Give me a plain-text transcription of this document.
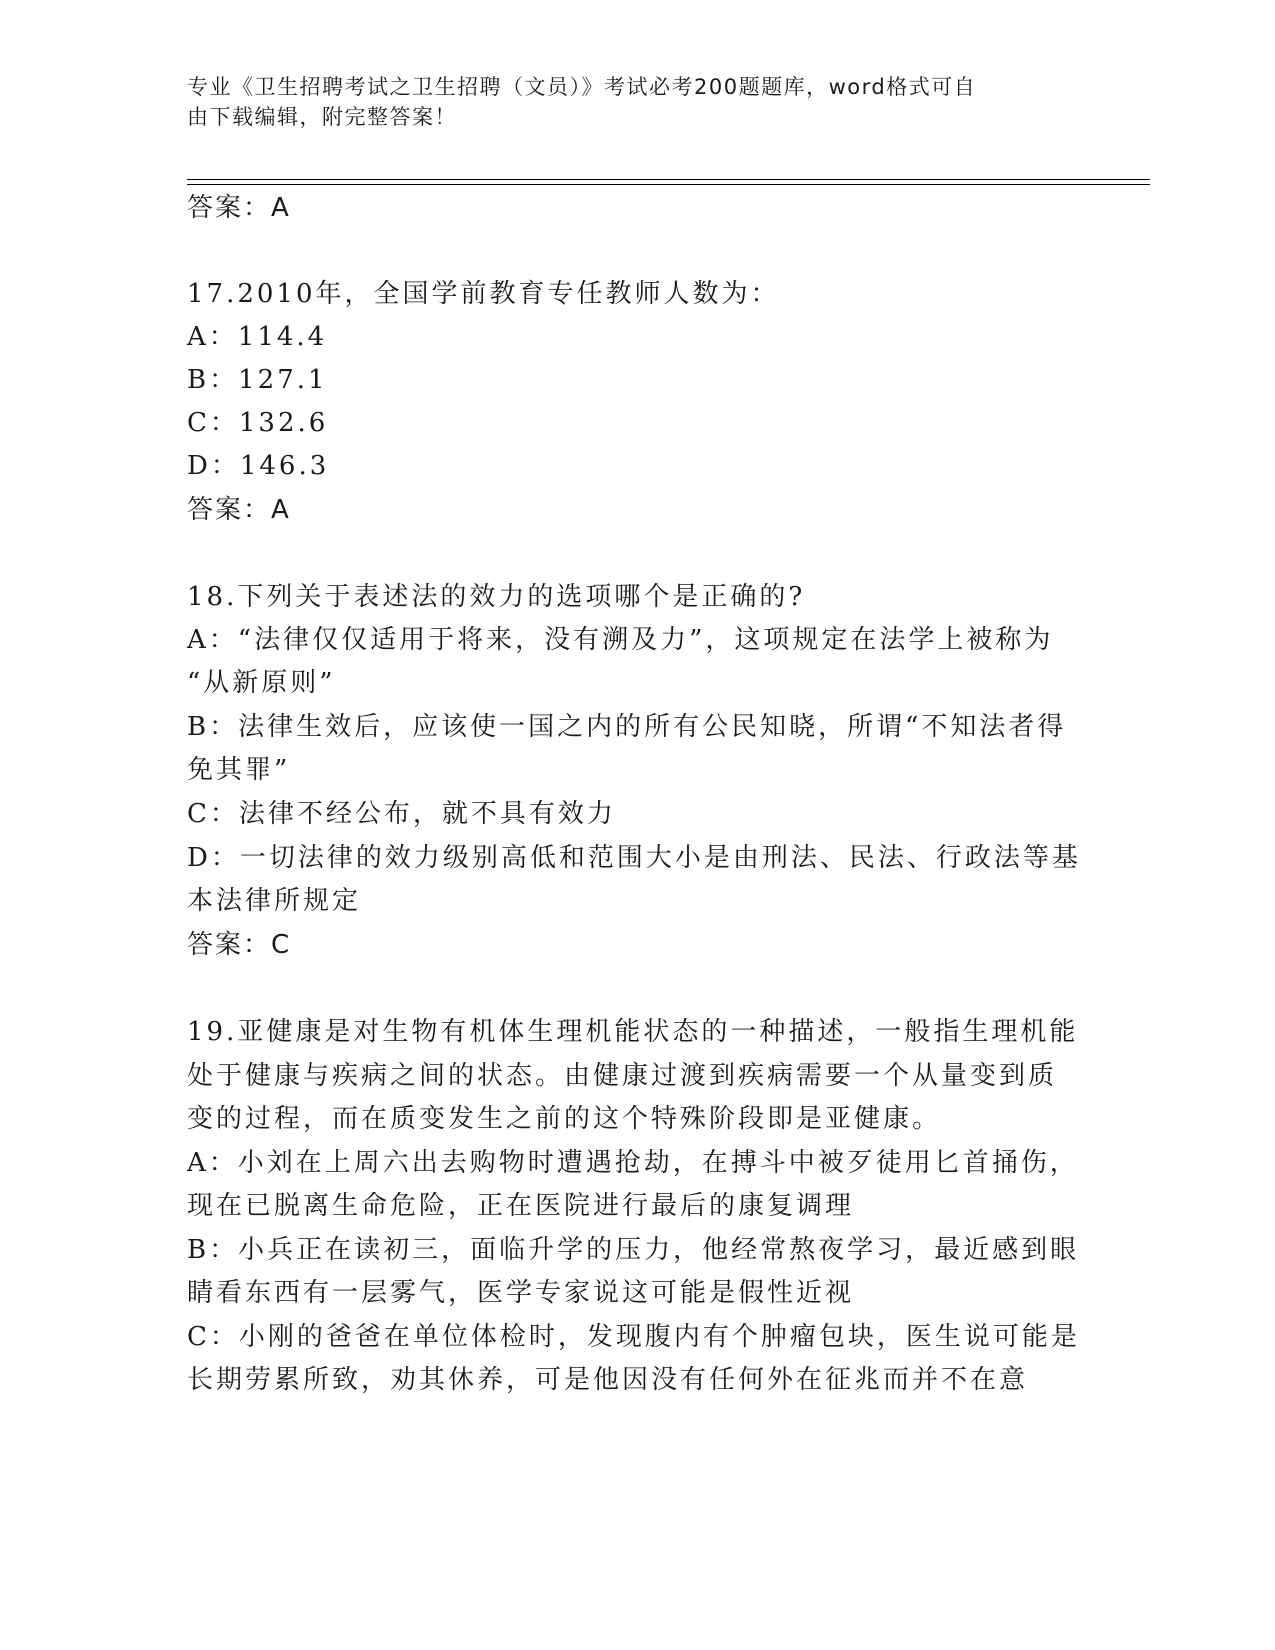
专业《卫生招聘考试之卫生招聘（文员）》考试必考200题题库，word格式可自
由下载编辑，附完整答案！
答案：A
17.2010年，全国学前教育专任教师人数为：
A：114.4
B：127.1
C：132.6
D：146.3
答案：A
18.下列关于表述法的效力的选项哪个是正确的?
A：“法律仅仅适用于将来，没有溯及力”，这项规定在法学上被称为
“从新原则”
B：法律生效后，应该使一国之内的所有公民知晓，所谓“不知法者得
免其罪”
C：法律不经公布，就不具有效力
D：一切法律的效力级别高低和范围大小是由刑法、民法、行政法等基
本法律所规定
答案：C
19.亚健康是对生物有机体生理机能状态的一种描述，一般指生理机能
处于健康与疾病之间的状态。由健康过渡到疾病需要一个从量变到质
变的过程，而在质变发生之前的这个特殊阶段即是亚健康。
A：小刘在上周六出去购物时遭遇抢劫，在搏斗中被歹徒用匕首捅伤，
现在已脱离生命危险，正在医院进行最后的康复调理
B：小兵正在读初三，面临升学的压力，他经常熬夜学习，最近感到眼
睛看东西有一层雾气，医学专家说这可能是假性近视
C：小刚的爸爸在单位体检时，发现腹内有个肿瘤包块，医生说可能是
长期劳累所致，劝其休养，可是他因没有任何外在征兆而并不在意
